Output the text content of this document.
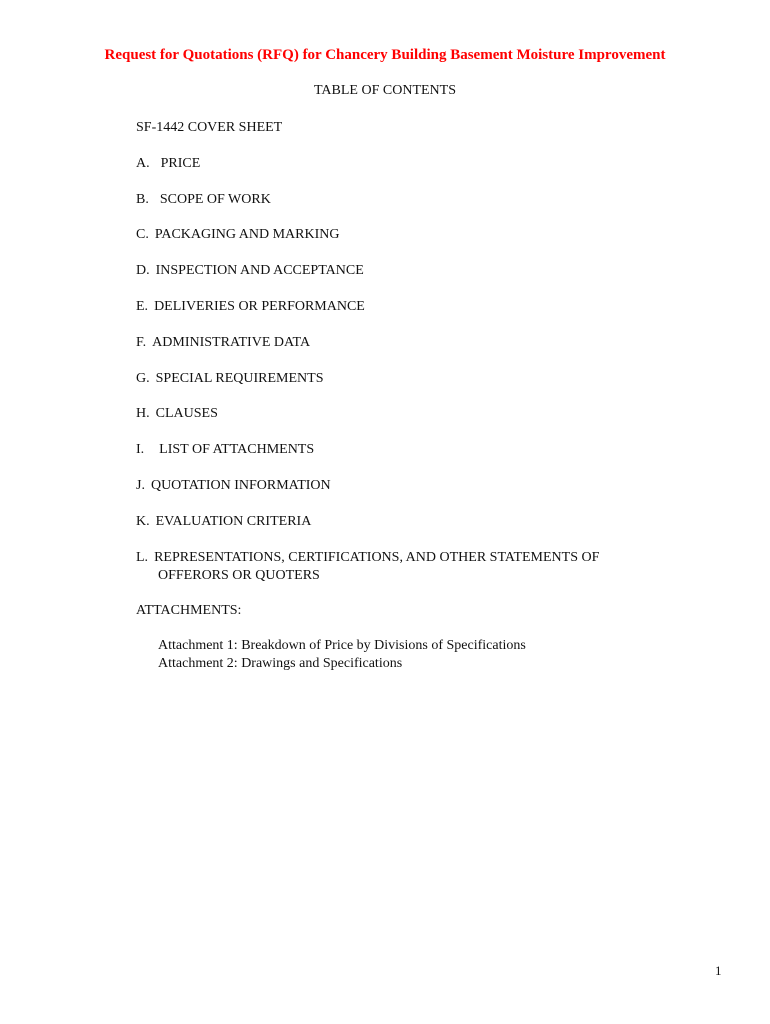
Request for Quotations (RFQ) for Chancery Building Basement Moisture Improvement
TABLE OF CONTENTS
SF-1442 COVER SHEET
A. PRICE
B. SCOPE OF WORK
C. PACKAGING AND MARKING
D. INSPECTION AND ACCEPTANCE
E. DELIVERIES OR PERFORMANCE
F. ADMINISTRATIVE DATA
G. SPECIAL REQUIREMENTS
H. CLAUSES
I. LIST OF ATTACHMENTS
J. QUOTATION INFORMATION
K. EVALUATION CRITERIA
L. REPRESENTATIONS, CERTIFICATIONS, AND OTHER STATEMENTS OF
OFFERORS OR QUOTERS
ATTACHMENTS:
Attachment 1: Breakdown of Price by Divisions of Specifications
Attachment 2: Drawings and Specifications
1
